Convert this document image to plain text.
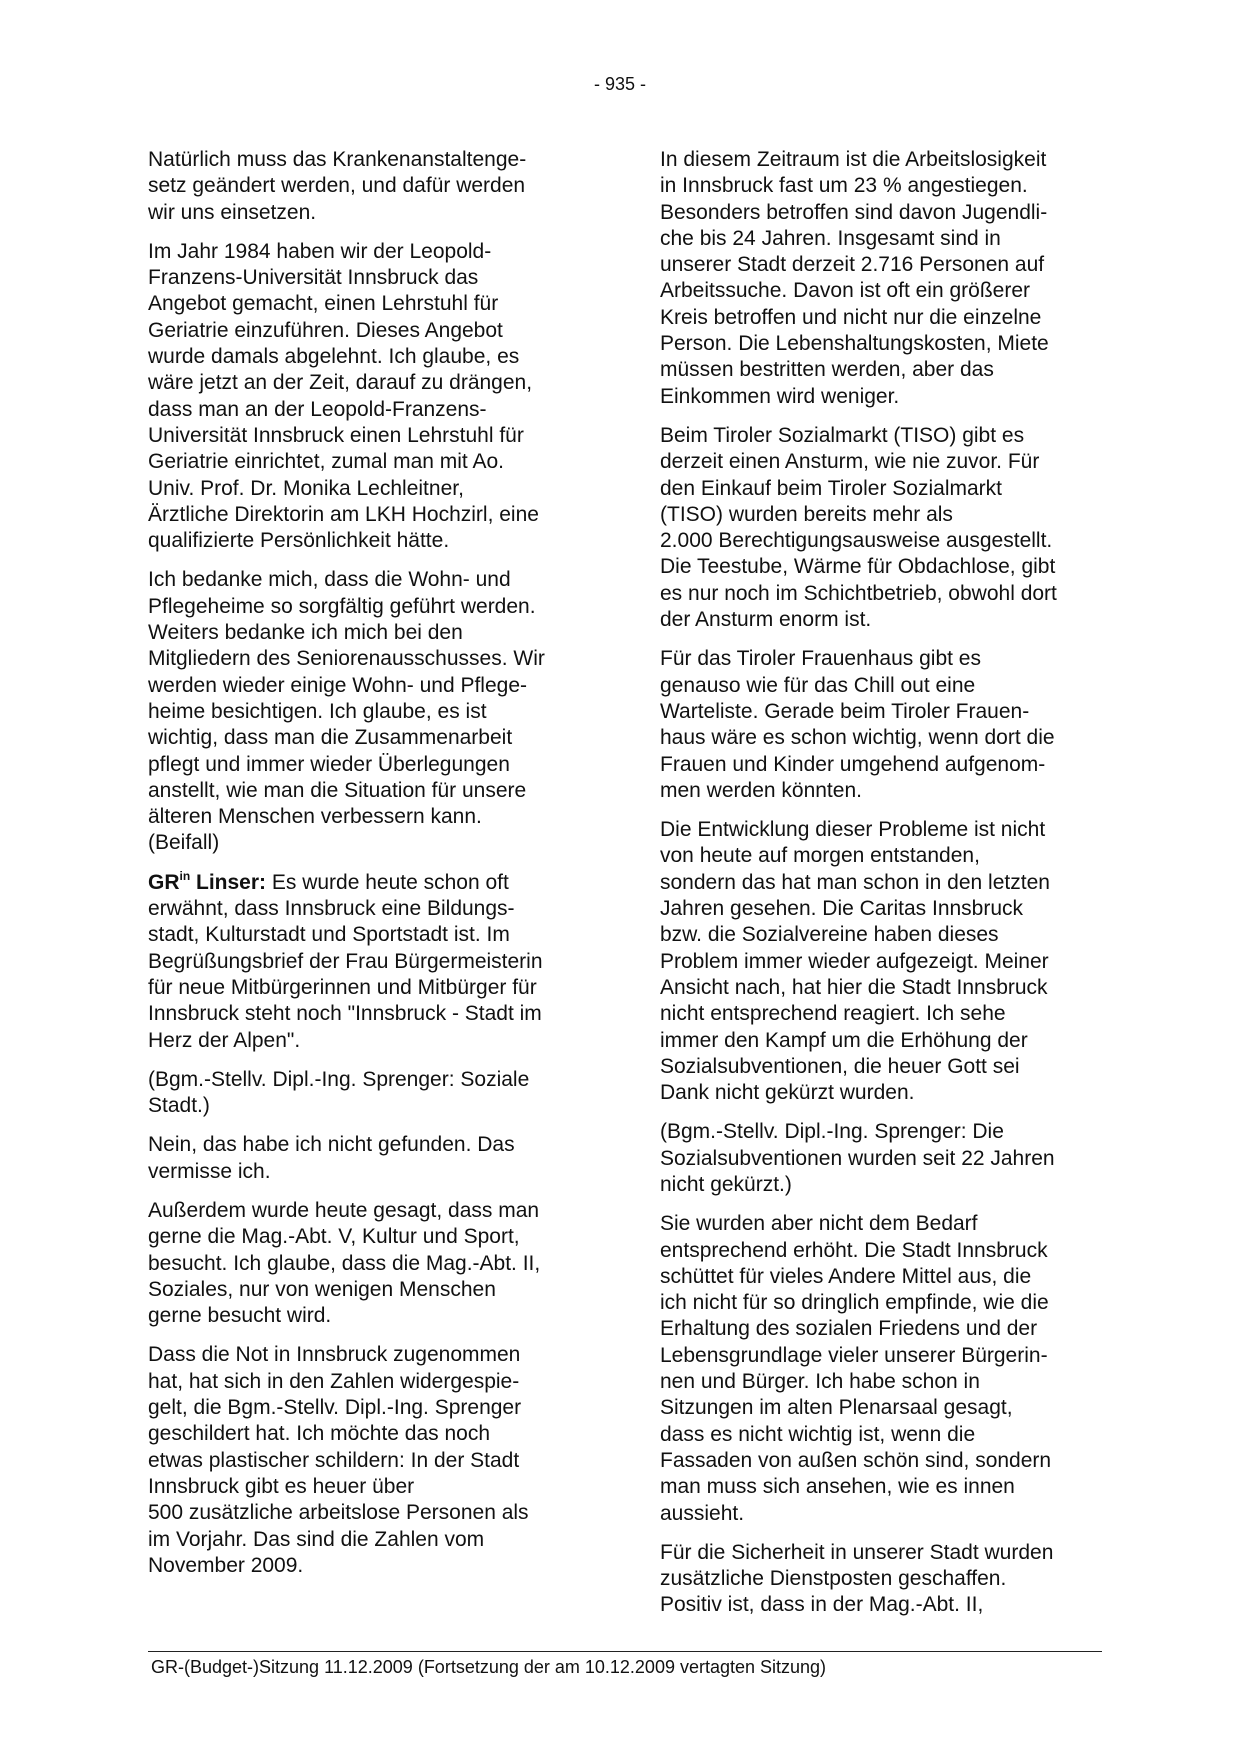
- 935 -

Natürlich muss das Krankenanstaltenge-
setz geändert werden, und dafür werden
wir uns einsetzen.

Im Jahr 1984 haben wir der Leopold-
Franzens-Universität Innsbruck das
Angebot gemacht, einen Lehrstuhl für
Geriatrie einzuführen. Dieses Angebot
wurde damals abgelehnt. Ich glaube, es
wäre jetzt an der Zeit, darauf zu drängen,
dass man an der Leopold-Franzens-
Universität Innsbruck einen Lehrstuhl für
Geriatrie einrichtet, zumal man mit Ao.
Univ. Prof. Dr. Monika Lechleitner,
Ärztliche Direktorin am LKH Hochzirl, eine
qualifizierte Persönlichkeit hätte.

Ich bedanke mich, dass die Wohn- und
Pflegeheime so sorgfältig geführt werden.
Weiters bedanke ich mich bei den
Mitgliedern des Seniorenausschusses. Wir
werden wieder einige Wohn- und Pflege-
heime besichtigen. Ich glaube, es ist
wichtig, dass man die Zusammenarbeit
pflegt und immer wieder Überlegungen
anstellt, wie man die Situation für unsere
älteren Menschen verbessern kann.
(Beifall)

$GR^{in}$ Linser: Es wurde heute schon oft
erwähnt, dass Innsbruck eine Bildungs-
stadt, Kulturstadt und Sportstadt ist. Im
Begrüßungsbrief der Frau Bürgermeisterin
für neue Mitbürgerinnen und Mitbürger für
Innsbruck steht noch "Innsbruck - Stadt im
Herz der Alpen".

(Bgm.-Stellv. Dipl.-Ing. Sprenger: Soziale
Stadt.)

Nein, das habe ich nicht gefunden. Das
vermisse ich.

Außerdem wurde heute gesagt, dass man
gerne die Mag.-Abt. V, Kultur und Sport,
besucht. Ich glaube, dass die Mag.-Abt. II,
Soziales, nur von wenigen Menschen
gerne besucht wird.

Dass die Not in Innsbruck zugenommen
hat, hat sich in den Zahlen widergespie-
gelt, die Bgm.-Stellv. Dipl.-Ing. Sprenger
geschildert hat. Ich möchte das noch
etwas plastischer schildern: In der Stadt
Innsbruck gibt es heuer über
500 zusätzliche arbeitslose Personen als
im Vorjahr. Das sind die Zahlen vom
November 2009.

In diesem Zeitraum ist die Arbeitslosigkeit
in Innsbruck fast um 23 % angestiegen.
Besonders betroffen sind davon Jugendli-
che bis 24 Jahren. Insgesamt sind in
unserer Stadt derzeit 2.716 Personen auf
Arbeitssuche. Davon ist oft ein größerer
Kreis betroffen und nicht nur die einzelne
Person. Die Lebenshaltungskosten, Miete
müssen bestritten werden, aber das
Einkommen wird weniger.

Beim Tiroler Sozialmarkt (TISO) gibt es
derzeit einen Ansturm, wie nie zuvor. Für
den Einkauf beim Tiroler Sozialmarkt
(TISO) wurden bereits mehr als
2.000 Berechtigungsausweise ausgestellt.
Die Teestube, Wärme für Obdachlose, gibt
es nur noch im Schichtbetrieb, obwohl dort
der Ansturm enorm ist.

Für das Tiroler Frauenhaus gibt es
genauso wie für das Chill out eine
Warteliste. Gerade beim Tiroler Frauen-
haus wäre es schon wichtig, wenn dort die
Frauen und Kinder umgehend aufgenom-
men werden könnten.

Die Entwicklung dieser Probleme ist nicht
von heute auf morgen entstanden,
sondern das hat man schon in den letzten
Jahren gesehen. Die Caritas Innsbruck
bzw. die Sozialvereine haben dieses
Problem immer wieder aufgezeigt. Meiner
Ansicht nach, hat hier die Stadt Innsbruck
nicht entsprechend reagiert. Ich sehe
immer den Kampf um die Erhöhung der
Sozialsubventionen, die heuer Gott sei
Dank nicht gekürzt wurden.

(Bgm.-Stellv. Dipl.-Ing. Sprenger: Die
Sozialsubventionen wurden seit 22 Jahren
nicht gekürzt.)

Sie wurden aber nicht dem Bedarf
entsprechend erhöht. Die Stadt Innsbruck
schüttet für vieles Andere Mittel aus, die
ich nicht für so dringlich empfinde, wie die
Erhaltung des sozialen Friedens und der
Lebensgrundlage vieler unserer Bürgerin-
nen und Bürger. Ich habe schon in
Sitzungen im alten Plenarsaal gesagt,
dass es nicht wichtig ist, wenn die
Fassaden von außen schön sind, sondern
man muss sich ansehen, wie es innen
aussieht.

Für die Sicherheit in unserer Stadt wurden
zusätzliche Dienstposten geschaffen.
Positiv ist, dass in der Mag.-Abt. II,

GR-(Budget-)Sitzung 11.12.2009 (Fortsetzung der am 10.12.2009 vertagten Sitzung)
